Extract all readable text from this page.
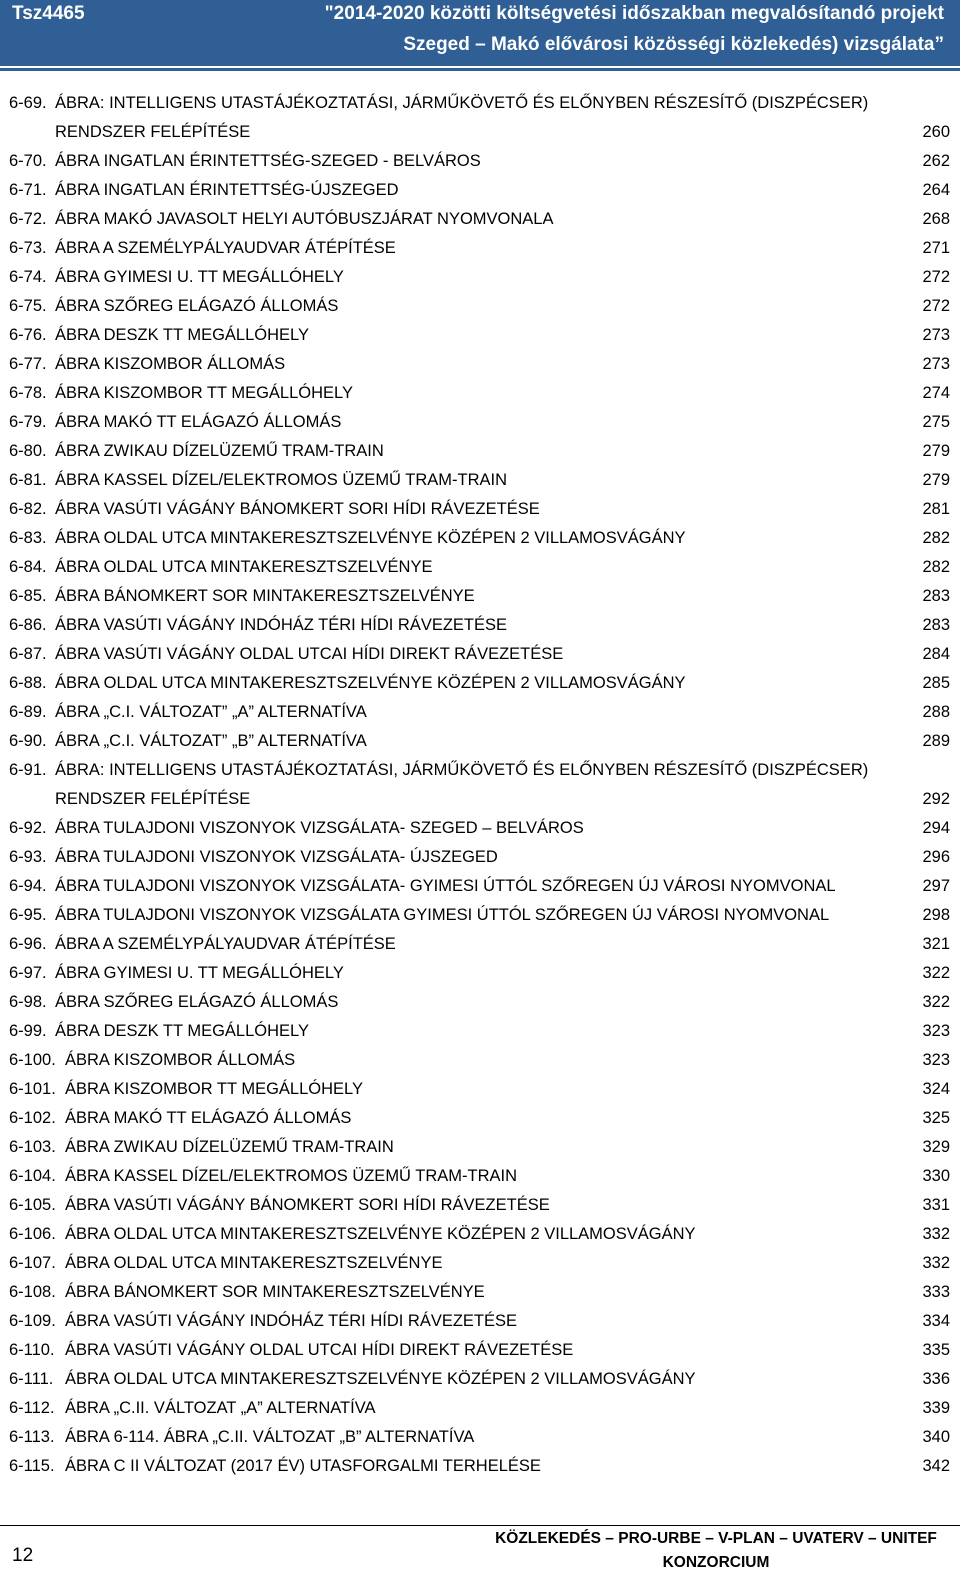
Tsz4465	"2014-2020 közötti költségvetési időszakban megvalósítandó projekt
Szeged – Makó elővárosi közösségi közlekedés) vizsgálata”
6-69. ÁBRA: INTELLIGENS UTASTÁJÉKOZTATÁSI, JÁRMŰKÖVETŐ ÉS ELŐNYBEN RÉSZESÍTŐ (DISZPÉCSER)
RENDSZER FELÉPÍTÉSE	260
6-70. ÁBRA INGATLAN ÉRINTETTSÉG-SZEGED - BELVÁROS	262
6-71. ÁBRA INGATLAN ÉRINTETTSÉG-ÚJSZEGED	264
6-72. ÁBRA MAKÓ JAVASOLT HELYI AUTÓBUSZJÁRAT NYOMVONALA	268
6-73. ÁBRA A SZEMÉLYPÁLYAUDVAR ÁTÉPÍTÉSE	271
6-74. ÁBRA GYIMESI U. TT MEGÁLLÓHELY	272
6-75. ÁBRA SZŐREG ELÁGAZÓ ÁLLOMÁS	272
6-76. ÁBRA DESZK TT MEGÁLLÓHELY	273
6-77. ÁBRA KISZOMBOR ÁLLOMÁS	273
6-78. ÁBRA KISZOMBOR TT MEGÁLLÓHELY	274
6-79. ÁBRA MAKÓ TT ELÁGAZÓ ÁLLOMÁS	275
6-80. ÁBRA ZWIKAU DÍZELÜZEMŰ TRAM-TRAIN	279
6-81. ÁBRA KASSEL DÍZEL/ELEKTROMOS ÜZEMŰ TRAM-TRAIN	279
6-82. ÁBRA VASÚTI VÁGÁNY BÁNOMKERT SORI HÍDI RÁVEZETÉSE	281
6-83. ÁBRA OLDAL UTCA MINTAKERESZTSZELVÉNYE KÖZÉPEN 2 VILLAMOSVÁGÁNY	282
6-84. ÁBRA OLDAL UTCA MINTAKERESZTSZELVÉNYE	282
6-85. ÁBRA BÁNOMKERT SOR MINTAKERESZTSZELVÉNYE	283
6-86. ÁBRA VASÚTI VÁGÁNY INDÓHÁZ TÉRI HÍDI RÁVEZETÉSE	283
6-87. ÁBRA VASÚTI VÁGÁNY OLDAL UTCAI HÍDI DIREKT RÁVEZETÉSE	284
6-88. ÁBRA OLDAL UTCA MINTAKERESZTSZELVÉNYE KÖZÉPEN 2 VILLAMOSVÁGÁNY	285
6-89. ÁBRA „C.I. VÁLTOZAT” „A” ALTERNATÍVA	288
6-90. ÁBRA „C.I. VÁLTOZAT” „B” ALTERNATÍVA	289
6-91. ÁBRA: INTELLIGENS UTASTÁJÉKOZTATÁSI, JÁRMŰKÖVETŐ ÉS ELŐNYBEN RÉSZESÍTŐ (DISZPÉCSER)
RENDSZER FELÉPÍTÉSE	292
6-92. ÁBRA TULAJDONI VISZONYOK VIZSGÁLATA- SZEGED – BELVÁROS	294
6-93. ÁBRA TULAJDONI VISZONYOK VIZSGÁLATA- ÚJSZEGED	296
6-94. ÁBRA TULAJDONI VISZONYOK VIZSGÁLATA- GYIMESI ÚTTÓL SZŐREGEN ÚJ VÁROSI NYOMVONAL	297
6-95. ÁBRA TULAJDONI VISZONYOK VIZSGÁLATA GYIMESI ÚTTÓL SZŐREGEN ÚJ VÁROSI NYOMVONAL	298
6-96. ÁBRA A SZEMÉLYPÁLYAUDVAR ÁTÉPÍTÉSE	321
6-97. ÁBRA GYIMESI U. TT MEGÁLLÓHELY	322
6-98. ÁBRA SZŐREG ELÁGAZÓ ÁLLOMÁS	322
6-99. ÁBRA DESZK TT MEGÁLLÓHELY	323
6-100. ÁBRA KISZOMBOR ÁLLOMÁS	323
6-101. ÁBRA KISZOMBOR TT MEGÁLLÓHELY	324
6-102. ÁBRA MAKÓ TT ELÁGAZÓ ÁLLOMÁS	325
6-103. ÁBRA ZWIKAU DÍZELÜZEMŰ TRAM-TRAIN	329
6-104. ÁBRA KASSEL DÍZEL/ELEKTROMOS ÜZEMŰ TRAM-TRAIN	330
6-105. ÁBRA VASÚTI VÁGÁNY BÁNOMKERT SORI HÍDI RÁVEZETÉSE	331
6-106. ÁBRA OLDAL UTCA MINTAKERESZTSZELVÉNYE KÖZÉPEN 2 VILLAMOSVÁGÁNY	332
6-107. ÁBRA OLDAL UTCA MINTAKERESZTSZELVÉNYE	332
6-108. ÁBRA BÁNOMKERT SOR MINTAKERESZTSZELVÉNYE	333
6-109. ÁBRA VASÚTI VÁGÁNY INDÓHÁZ TÉRI HÍDI RÁVEZETÉSE	334
6-110. ÁBRA VASÚTI VÁGÁNY OLDAL UTCAI HÍDI DIREKT RÁVEZETÉSE	335
6-111. ÁBRA OLDAL UTCA MINTAKERESZTSZELVÉNYE KÖZÉPEN 2 VILLAMOSVÁGÁNY	336
6-112. ÁBRA „C.II. VÁLTOZAT „A” ALTERNATÍVA	339
6-113. ÁBRA 6-114. ÁBRA „C.II. VÁLTOZAT „B” ALTERNATÍVA	340
6-115. ÁBRA C II VÁLTOZAT (2017 ÉV) UTASFORGALMI TERHELÉSE	342
12
KÖZLEKEDÉS – PRO-URBE – V-PLAN – UVATERV – UNITEF
KONZORCIUM
